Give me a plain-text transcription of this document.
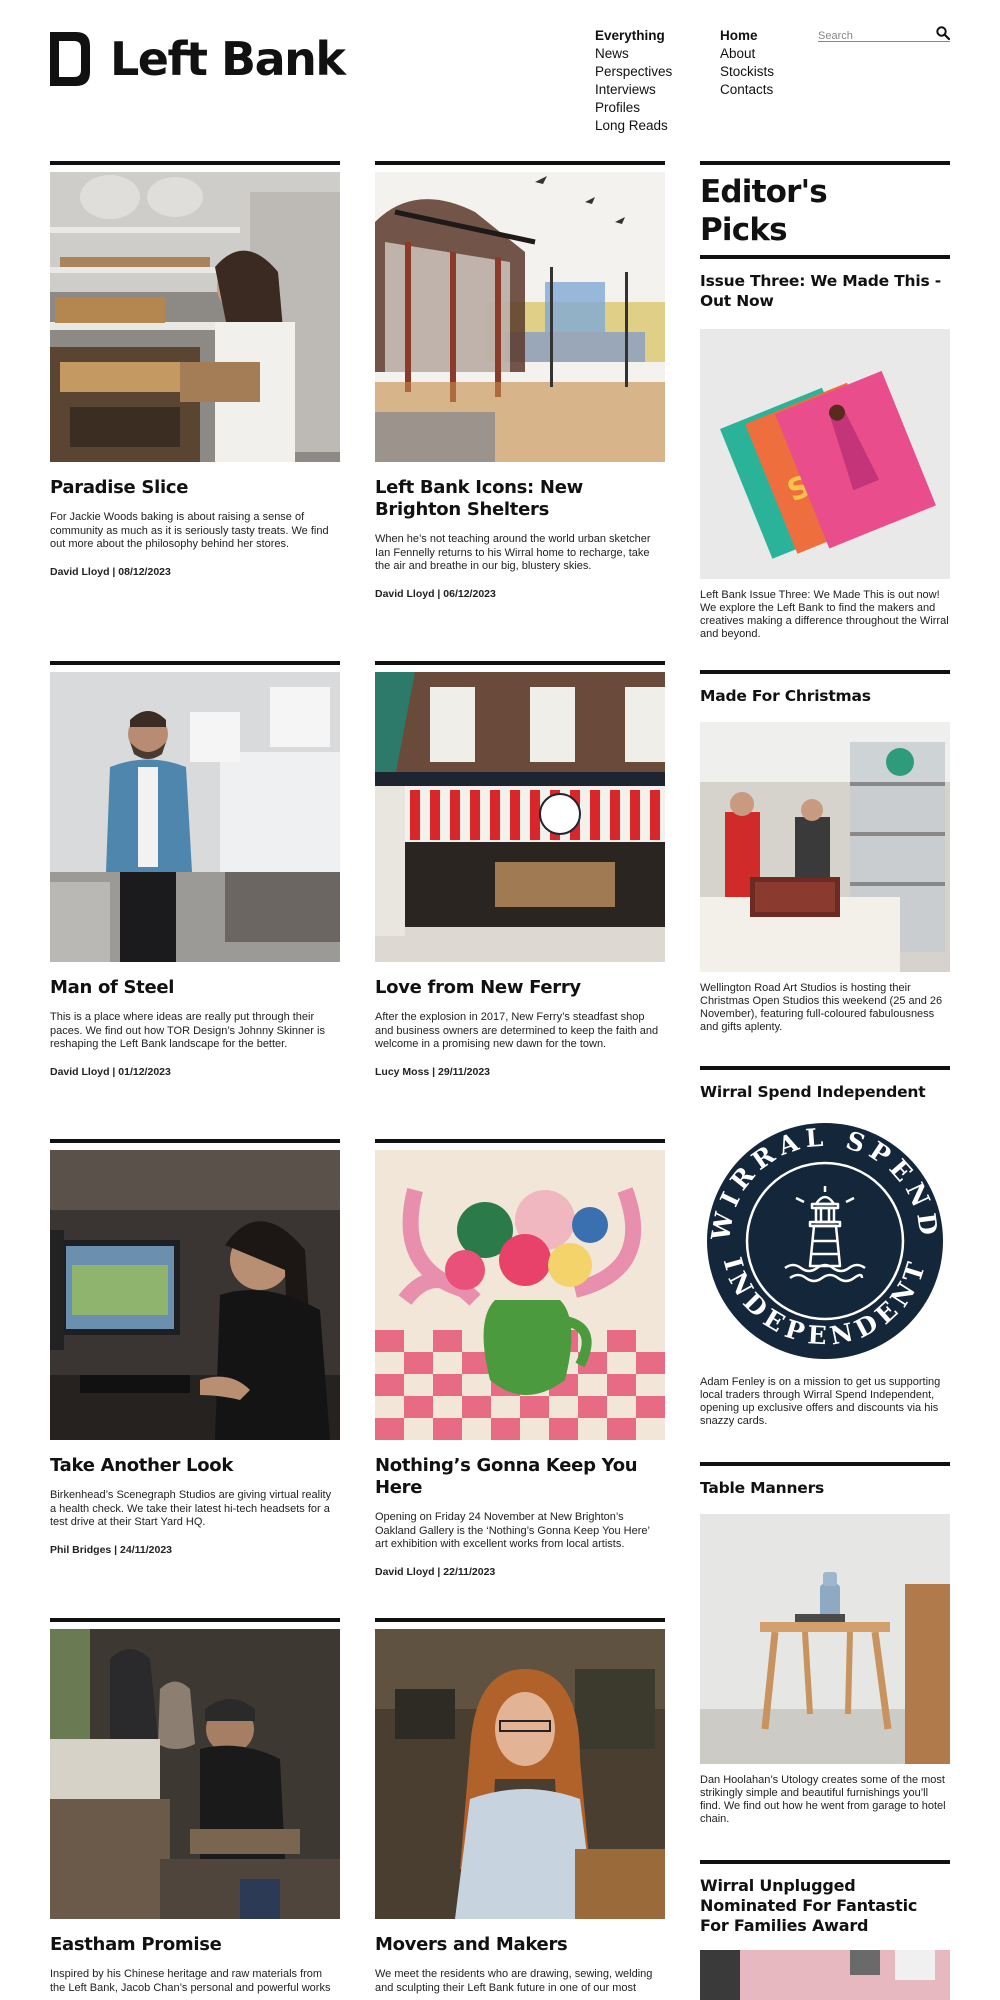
Left Bank	Everything
News
Perspectives
Interviews
Profiles
Long Reads
Home
About
Stockists
Contacts
Search
Paradise Slice
For Jackie Woods baking is about raising a sense of community as much as it is seriously tasty treats. We find out more about the philosophy behind her stores.
David Lloyd | 08/12/2023
Left Bank Icons: New Brighton Shelters
When he’s not teaching around the world urban sketcher Ian Fennelly returns to his Wirral home to recharge, take the air and breathe in our big, blustery skies.
David Lloyd | 06/12/2023
Man of Steel
This is a place where ideas are really put through their paces. We find out how TOR Design’s Johnny Skinner is reshaping the Left Bank landscape for the better.
David Lloyd | 01/12/2023
Love from New Ferry
After the explosion in 2017, New Ferry’s steadfast shop and business owners are determined to keep the faith and welcome in a promising new dawn for the town.
Lucy Moss | 29/11/2023
Take Another Look
Birkenhead’s Scenegraph Studios are giving virtual reality a health check. We take their latest hi-tech headsets for a test drive at their Start Yard HQ.
Phil Bridges | 24/11/2023
Nothing’s Gonna Keep You Here
Opening on Friday 24 November at New Brighton’s Oakland Gallery is the ‘Nothing’s Gonna Keep You Here’ art exhibition with excellent works from local artists.
David Lloyd | 22/11/2023
Eastham Promise
Inspired by his Chinese heritage and raw materials from the Left Bank, Jacob Chan’s personal and powerful works
Movers and Makers
We meet the residents who are drawing, sewing, welding and sculpting their Left Bank future in one of our most
Editor's Picks
Issue Three: We Made This - Out Now
Left Bank Issue Three: We Made This is out now! We explore the Left Bank to find the makers and creatives making a difference throughout the Wirral and beyond.
Made For Christmas
Wellington Road Art Studios is hosting their Christmas Open Studios this weekend (25 and 26 November), featuring full-coloured fabulousness and gifts aplenty.
Wirral Spend Independent
WIRRAL SPEND
INDEPENDENT
Adam Fenley is on a mission to get us supporting local traders through Wirral Spend Independent, opening up exclusive offers and discounts via his snazzy cards.
Table Manners
Dan Hoolahan’s Utology creates some of the most strikingly simple and beautiful furnishings you’ll find. We find out how he went from garage to hotel chain.
Wirral Unplugged Nominated For Fantastic For Families Award
